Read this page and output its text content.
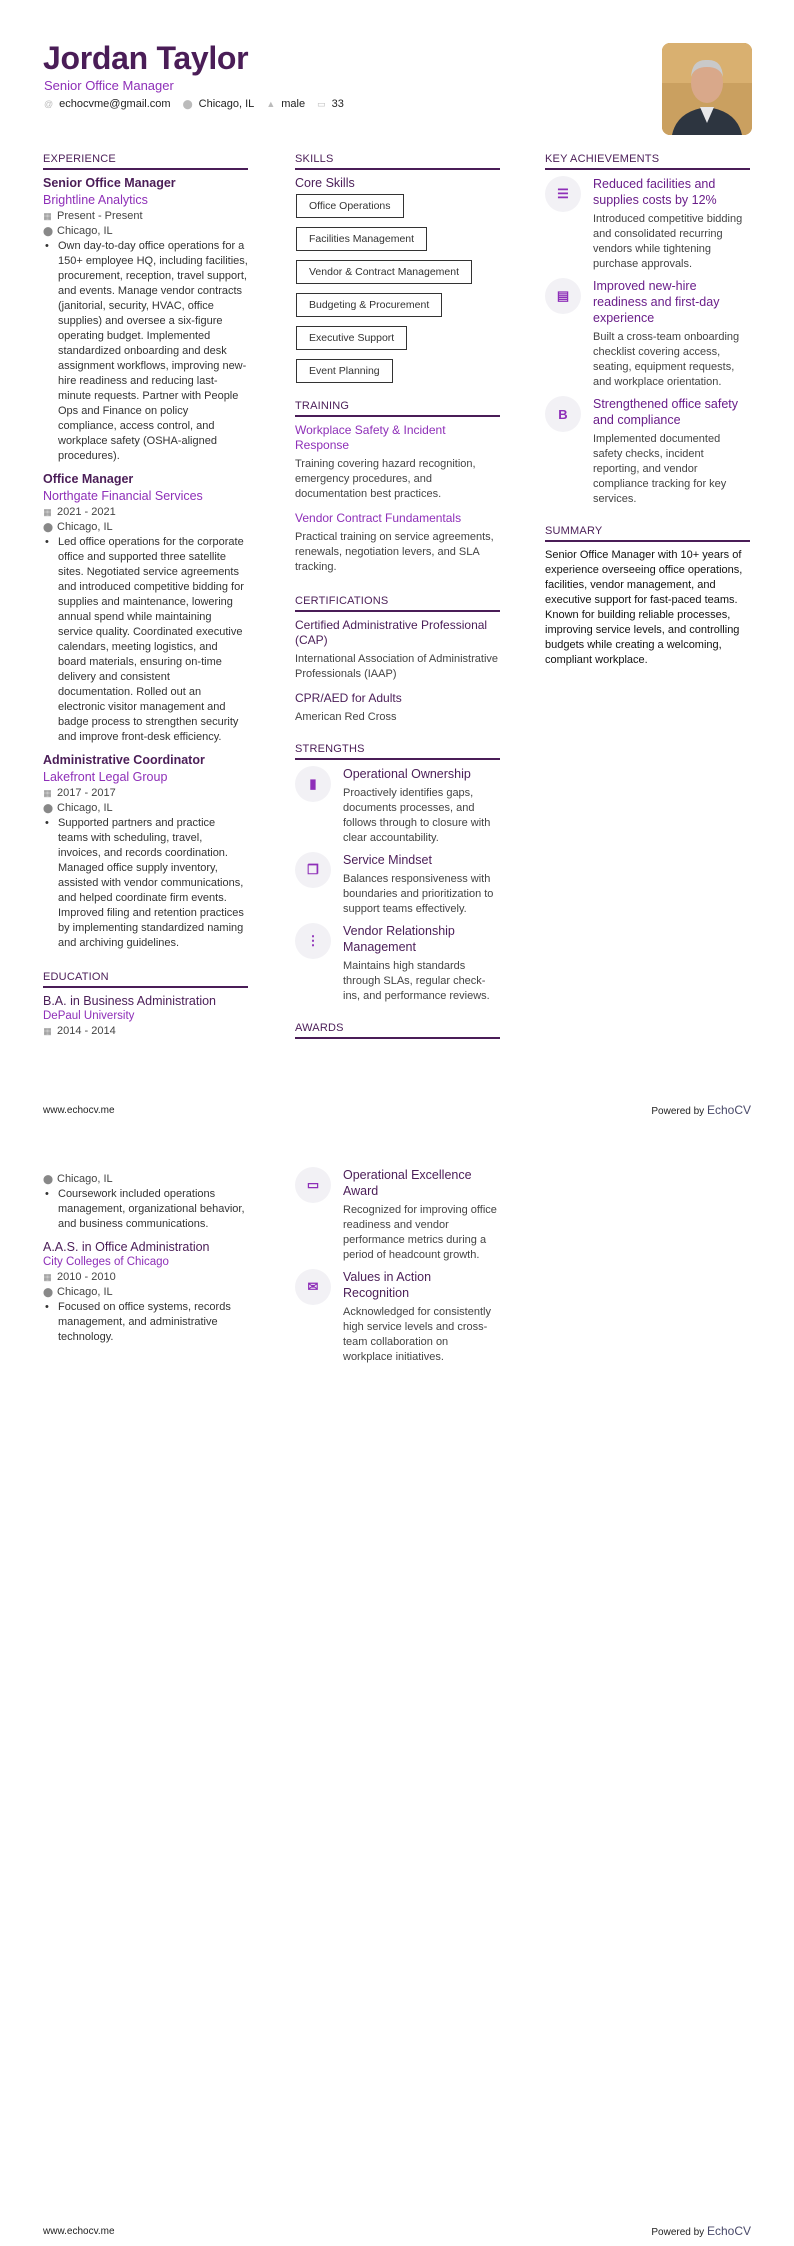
Jordan Taylor
Senior Office Manager
@ echocvme@gmail.com ⬤ Chicago, IL ▲ male ▭ 33
EXPERIENCE
Senior Office Manager
Brightline Analytics
▦ Present - Present
⬤ Chicago, IL
• Own day-to-day office operations for a 150+ employee HQ, including facilities, procurement, reception, travel support, and events. Manage vendor contracts (janitorial, security, HVAC, office supplies) and oversee a six-figure operating budget. Implemented standardized onboarding and desk assignment workflows, improving new-hire readiness and reducing last-minute requests. Partner with People Ops and Finance on policy compliance, access control, and workplace safety (OSHA-aligned procedures).
Office Manager
Northgate Financial Services
▦ 2021 - 2021
⬤ Chicago, IL
• Led office operations for the corporate office and supported three satellite sites. Negotiated service agreements and introduced competitive bidding for supplies and maintenance, lowering annual spend while maintaining service quality. Coordinated executive calendars, meeting logistics, and board materials, ensuring on-time delivery and consistent documentation. Rolled out an electronic visitor management and badge process to strengthen security and improve front-desk efficiency.
Administrative Coordinator
Lakefront Legal Group
▦ 2017 - 2017
⬤ Chicago, IL
• Supported partners and practice teams with scheduling, travel, invoices, and records coordination. Managed office supply inventory, assisted with vendor communications, and helped coordinate firm events. Improved filing and retention practices by implementing standardized naming and archiving guidelines.
EDUCATION
B.A. in Business Administration
DePaul University
▦ 2014 - 2014
SKILLS
Core Skills
Office Operations
Facilities Management
Vendor & Contract Management
Budgeting & Procurement
Executive Support
Event Planning

TRAINING
Workplace Safety & Incident Response
Training covering hazard recognition, emergency procedures, and documentation best practices.
Vendor Contract Fundamentals
Practical training on service agreements, renewals, negotiation levers, and SLA tracking.
CERTIFICATIONS
Certified Administrative Professional (CAP)
International Association of Administrative Professionals (IAAP)
CPR/AED for Adults
American Red Cross
STRENGTHS
▮
Operational Ownership
Proactively identifies gaps, documents processes, and follows through to closure with clear accountability.
❐
Service Mindset
Balances responsiveness with boundaries and prioritization to support teams effectively.
⋮
Vendor Relationship Management
Maintains high standards through SLAs, regular check-ins, and performance reviews.
AWARDS
KEY ACHIEVEMENTS
☰
Reduced facilities and supplies costs by 12%
Introduced competitive bidding and consolidated recurring vendors while tightening purchase approvals.
▤
Improved new-hire readiness and first-day experience
Built a cross-team onboarding checklist covering access, seating, equipment requests, and workplace orientation.
B
Strengthened office safety and compliance
Implemented documented safety checks, incident reporting, and vendor compliance tracking for key services.
SUMMARY
Senior Office Manager with 10+ years of experience overseeing office operations, facilities, vendor management, and executive support for fast-paced teams. Known for building reliable processes, improving service levels, and controlling budgets while creating a welcoming, compliant workplace.
www.echocv.me	Powered by EchoCV
⬤ Chicago, IL
• Coursework included operations management, organizational behavior, and business communications.
A.A.S. in Office Administration
City Colleges of Chicago
▦ 2010 - 2010
⬤ Chicago, IL
• Focused on office systems, records management, and administrative technology.
▭
Operational Excellence Award
Recognized for improving office readiness and vendor performance metrics during a period of headcount growth.
✉
Values in Action Recognition
Acknowledged for consistently high service levels and cross-team collaboration on workplace initiatives.
www.echocv.me	Powered by EchoCV
